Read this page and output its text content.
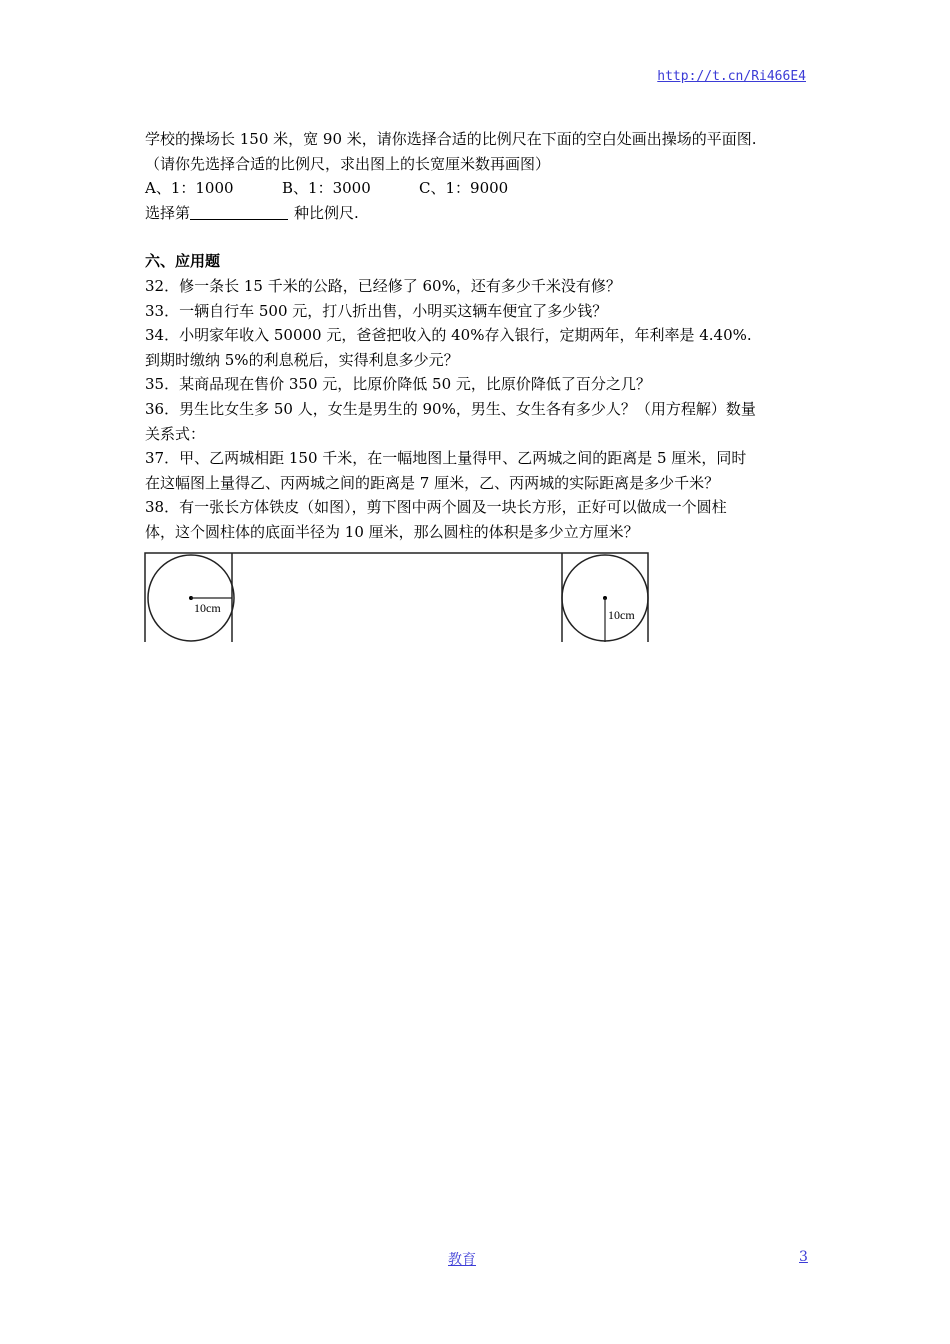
http://t.cn/Ri466E4
学校的操场长 150 米，宽 90 米，请你选择合适的比例尺在下面的空白处画出操场的平面图.
（请你先选择合适的比例尺，求出图上的长宽厘米数再画图）
A、1：1000	B、1：3000	C、1：9000
选择第	种比例尺.
六、应用题
32．修一条长 15 千米的公路，已经修了 60%，还有多少千米没有修？
33．一辆自行车 500 元，打八折出售，小明买这辆车便宜了多少钱？
34．小明家年收入 50000 元，爸爸把收入的 40%存入银行，定期两年，年利率是 4.40%.
到期时缴纳 5%的利息税后，实得利息多少元？
35．某商品现在售价 350 元，比原价降低 50 元，比原价降低了百分之几？
36．男生比女生多 50 人，女生是男生的 90%，男生、女生各有多少人？（用方程解）数量
关系式：
37．甲、乙两城相距 150 千米，在一幅地图上量得甲、乙两城之间的距离是 5 厘米，同时
在这幅图上量得乙、丙两城之间的距离是 7 厘米，乙、丙两城的实际距离是多少千米？
38．有一张长方体铁皮（如图），剪下图中两个圆及一块长方形，正好可以做成一个圆柱
体，这个圆柱体的底面半径为 10 厘米，那么圆柱的体积是多少立方厘米？
10cm	10cm
教育	3
